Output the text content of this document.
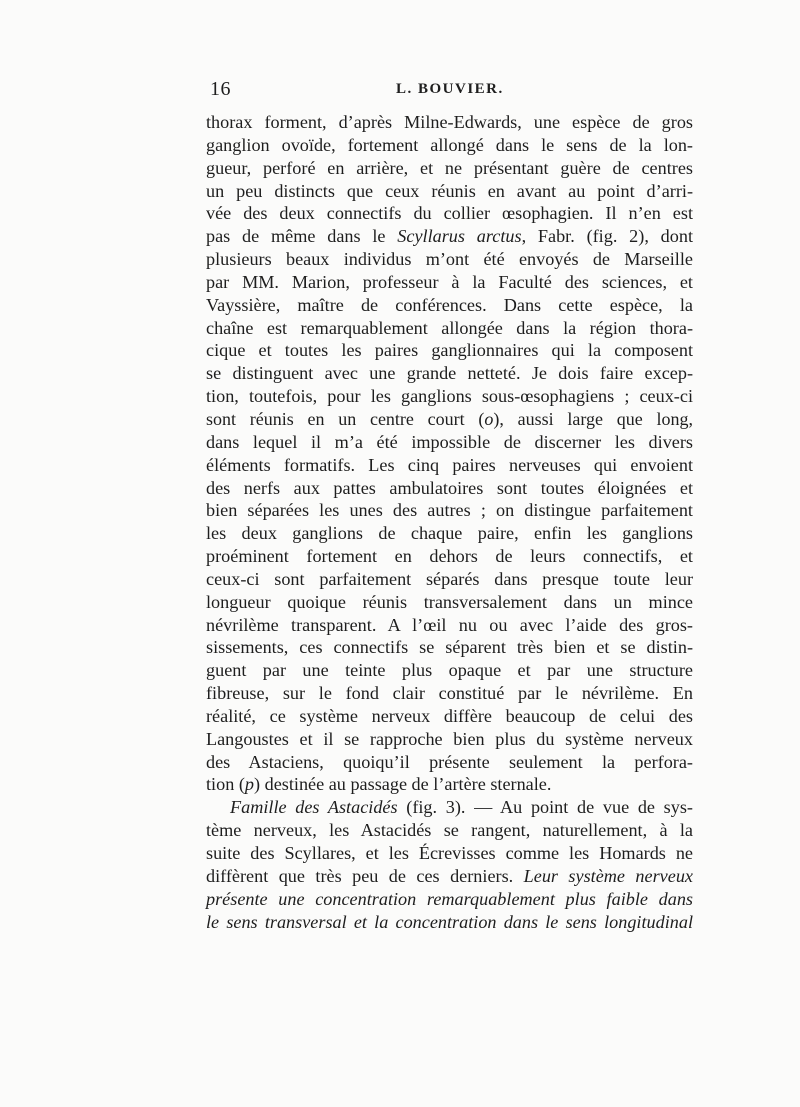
16	L. BOUVIER.
thorax forment, d’après Milne-Edwards, une espèce de gros
ganglion ovoïde, fortement allongé dans le sens de la lon-
gueur, perforé en arrière, et ne présentant guère de centres
un peu distincts que ceux réunis en avant au point d’arri-
vée des deux connectifs du collier œsophagien. Il n’en est
pas de même dans le Scyllarus arctus, Fabr. (fig. 2), dont
plusieurs beaux individus m’ont été envoyés de Marseille
par MM. Marion, professeur à la Faculté des sciences, et
Vayssière, maître de conférences. Dans cette espèce, la
chaîne est remarquablement allongée dans la région thora-
cique et toutes les paires ganglionnaires qui la composent
se distinguent avec une grande netteté. Je dois faire excep-
tion, toutefois, pour les ganglions sous-œsophagiens ; ceux-ci
sont réunis en un centre court (o), aussi large que long,
dans lequel il m’a été impossible de discerner les divers
éléments formatifs. Les cinq paires nerveuses qui envoient
des nerfs aux pattes ambulatoires sont toutes éloignées et
bien séparées les unes des autres ; on distingue parfaitement
les deux ganglions de chaque paire, enfin les ganglions
proéminent fortement en dehors de leurs connectifs, et
ceux-ci sont parfaitement séparés dans presque toute leur
longueur quoique réunis transversalement dans un mince
névrilème transparent. A l’œil nu ou avec l’aide des gros-
sissements, ces connectifs se séparent très bien et se distin-
guent par une teinte plus opaque et par une structure
fibreuse, sur le fond clair constitué par le névrilème. En
réalité, ce système nerveux diffère beaucoup de celui des
Langoustes et il se rapproche bien plus du système nerveux
des Astaciens, quoiqu’il présente seulement la perfora-
tion (p) destinée au passage de l’artère sternale.
Famille des Astacidés (fig. 3). — Au point de vue de sys-
tème nerveux, les Astacidés se rangent, naturellement, à la
suite des Scyllares, et les Écrevisses comme les Homards ne
diffèrent que très peu de ces derniers. Leur système nerveux
présente une concentration remarquablement plus faible dans
le sens transversal et la concentration dans le sens longitudinal
